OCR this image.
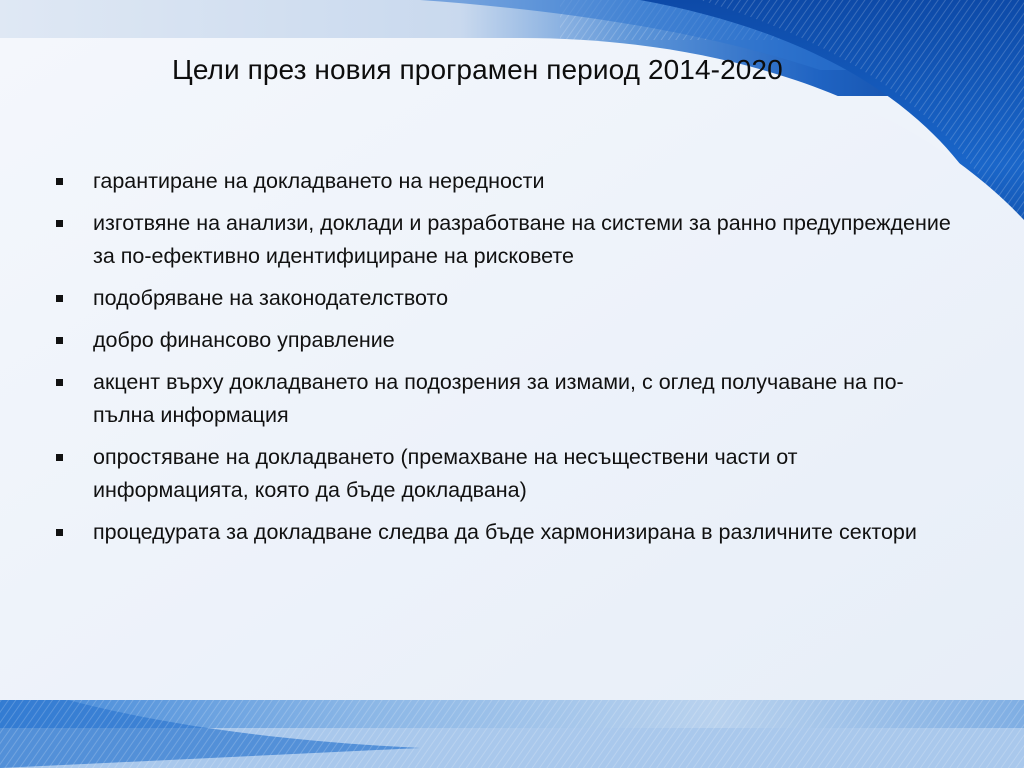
Цели през новия програмен период 2014-2020
гарантиране на докладването на нередности
изготвяне на анализи, доклади и разработване на системи за ранно предупреждение за по-ефективно идентифициране на рисковете
подобряване на законодателството
добро финансово управление
акцент върху докладването на подозрения за измами, с оглед получаване на по-пълна информация
опростяване на докладването (премахване на несъществени части от информацията, която да бъде докладвана)
процедурата за докладване следва да бъде хармонизирана в различните сектори
